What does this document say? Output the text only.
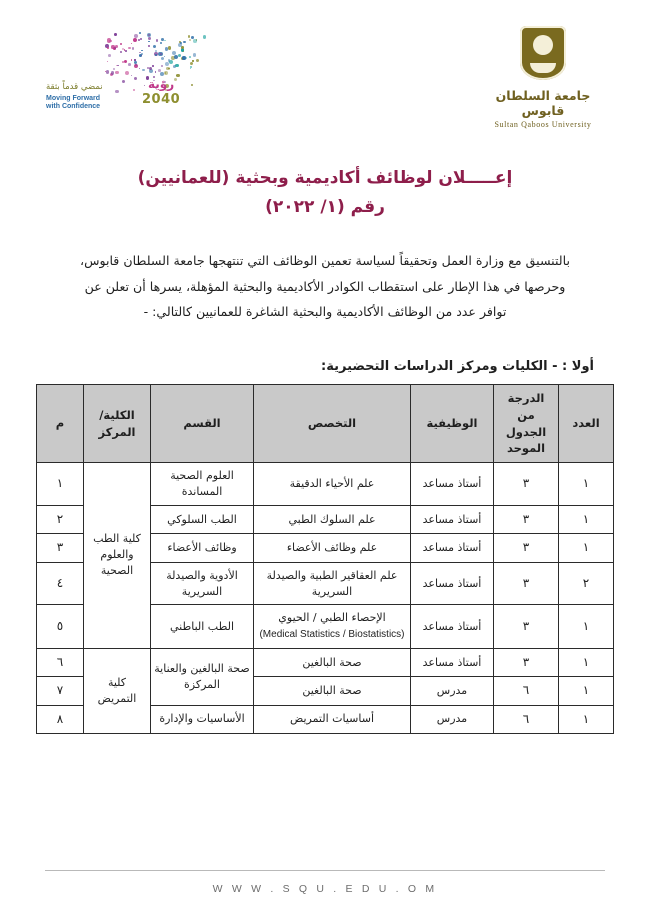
رؤية
2040
نمضي قدماً بثقة
Moving Forward
with Confidence
جامعة السلطان قابوس
Sultan Qaboos University
إعـــــلان لوظائف أكاديمية وبحثية (للعمانيين)
رقم (١/ ٢٠٢٢)
بالتنسيق مع وزارة العمل وتحقيقاً لسياسة تعمين الوظائف التي تنتهجها جامعة السلطان قابوس،
وحرصها في هذا الإطار على استقطاب الكوادر الأكاديمية والبحثية المؤهلة، يسرها أن تعلن عن
توافر عدد من الوظائف الأكاديمية والبحثية الشاغرة للعمانيين كالتالي: -
أولا : - الكليات ومركز الدراسات التحضيرية:
العدد	الدرجة من الجدول الموحد	الوظيفية	التخصص	القسم	الكلية/ المركز	م
١	٣	أستاذ مساعد	علم الأحياء الدقيقة	العلوم الصحية المساندة	كلية الطب والعلوم الصحية	١
١	٣	أستاذ مساعد	علم السلوك الطبي	الطب السلوكي		٢
١	٣	أستاذ مساعد	علم وظائف الأعضاء	وظائف الأعضاء		٣
٢	٣	أستاذ مساعد	علم العقاقير الطبية والصيدلة السريرية	الأدوية والصيدلة السريرية		٤
١	٣	أستاذ مساعد	الإحصاء الطبي / الحيوي (Medical Statistics / Biostatistics)	الطب الباطني		٥
١	٣	أستاذ مساعد	صحة البالغين	صحة البالغين والعناية المركزة	كلية التمريض	٦
١	٦	مدرس	صحة البالغين			٧
١	٦	مدرس	أساسيات التمريض	الأساسيات والإدارة		٨
W W W . S Q U . E D U . O M
